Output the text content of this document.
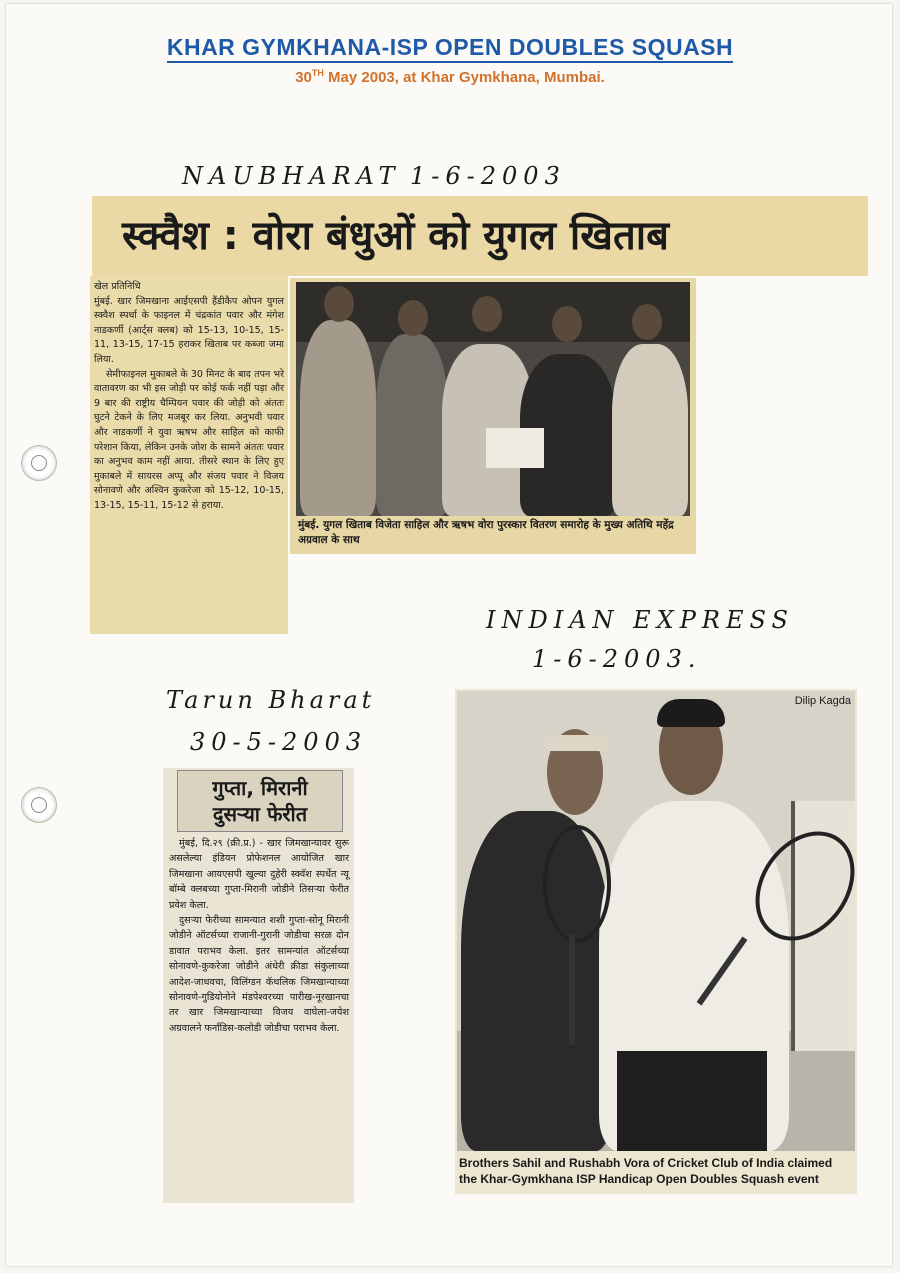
KHAR GYMKHANA-ISP OPEN DOUBLES SQUASH
30TH May 2003, at Khar Gymkhana, Mumbai.
NAUBHARAT 1-6-2003
स्क्वैश : वोरा बंधुओं को युगल खिताब
खेल प्रतिनिधि
मुंबई. खार जिमखाना आईएसपी हैंडीकैप ओपन युगल स्क्वैश स्पर्धा के फाइनल में चंद्रकांत पवार और मंगेश नाडकर्णी (आर्ट्स क्लब) को 15-13, 10-15, 15-11, 13-15, 17-15 हराकर खिताब पर कब्जा जमा लिया.
सेमीफाइनल मुकाबले के 30 मिनट के बाद तपन भरे वातावरण का भी इस जोड़ी पर कोई फर्क नहीं पड़ा और 9 बार की राष्ट्रीय चैम्पियन पवार की जोड़ी को अंततः घुटने टेकने के लिए मजबूर कर लिया. अनुभवी पवार और नाडकर्णी ने युवा ऋषभ और साहिल को काफी परेशान किया, लेकिन उनके जोश के सामने अंततः पवार का अनुभव काम नहीं आया. तीसरे स्थान के लिए हुए मुकाबले में सायरस अप्पू और संजय पवार ने विजय सोनावणे और अश्विन कुकरेजा को 15-12, 10-15, 13-15, 15-11, 15-12 से हराया.
मुंबई. युगल खिताब विजेता साहिल और ऋषभ वोरा पुरस्कार वितरण समारोह के मुख्य अतिथि महेंद्र अग्रवाल के साथ
INDIAN EXPRESS
1-6-2003.
Tarun Bharat
30-5-2003
Dilip Kagda
Brothers Sahil and Rushabh Vora of Cricket Club of India claimed the Khar-Gymkhana ISP Handicap Open Doubles Squash event
गुप्ता, मिरानी
दुसऱ्या फेरीत
मुंबई, दि.२९ (क्री.प्र.) - खार जिमखान्यावर सुरू असलेल्या इंडियन प्रोफेशनल आयोजित खार जिमखाना आयएसपी खुल्या दुहेरी स्क्वॅश स्पर्धेत न्यू बॉम्बे क्लबच्या गुप्ता-मिरानी जोडीने तिसऱ्या फेरीत प्रवेश केला.
दुसऱ्या फेरीच्या सामन्यात शशी गुप्ता-सोनू मिरानी जोडीने ऑटर्सच्या राजानी-गुरानी जोडीचा सरळ दोन डावात पराभव केला. इतर सामन्यांत ऑटर्सच्या सोनावणे-कुकरेजा जोडीने अंधेरी क्रीडा संकुलाच्या आदेश-जाधवचा, विलिंग्डन कॅथलिक जिमखान्याच्या सोनावणे-गुडियोनोने मंडपेश्वरच्या पारीख-नूरखानचा तर खार जिमखान्याच्या विजय वाघेला-जयेश अग्रवालने फर्नांडिस-कलोडी जोडीचा पराभव केला.
